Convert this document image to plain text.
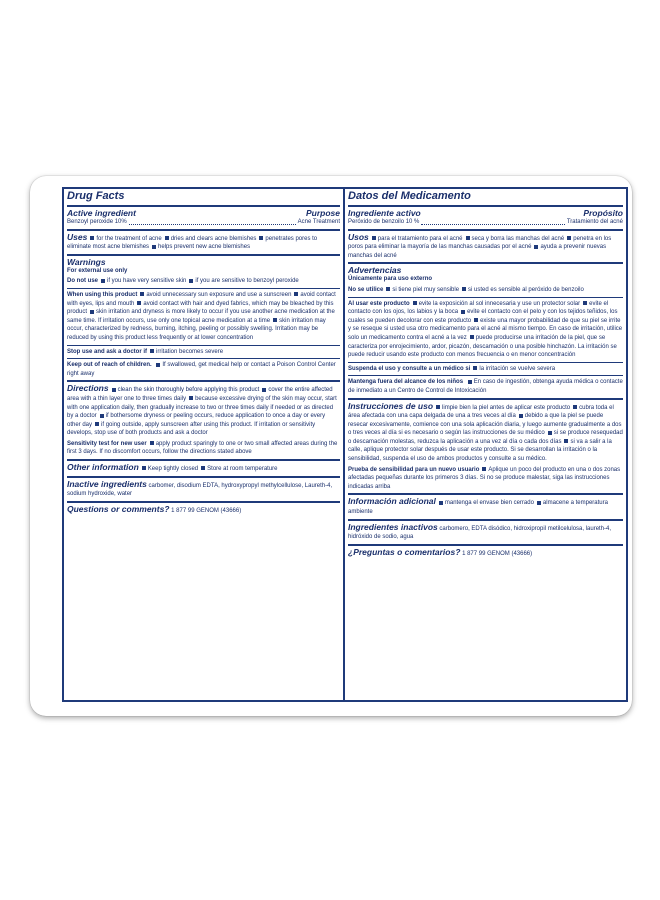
Drug Facts
Active ingredient	Purpose
Benzoyl peroxide 10%	Acne Treatment

Uses for the treatment of acne dries and clears acne blemishes penetrates pores to eliminate most acne blemishes helps prevent new acne blemishes

Warnings
For external use only

Do not use if you have very sensitive skin if you are sensitive to benzoyl peroxide

When using this product avoid unnecessary sun exposure and use a sunscreen avoid contact with eyes, lips and mouth avoid contact with hair and dyed fabrics, which may be bleached by this product skin irritation and dryness is more likely to occur if you use another acne medication at the same time. If irritation occurs, use only one topical acne medication at a time skin irritation may occur, characterized by redness, burning, itching, peeling or possibly swelling. Irritation may be reduced by using this product less frequently or at lower concentration

Stop use and ask a doctor if irritation becomes severe

Keep out of reach of children. If swallowed, get medical help or contact a Poison Control Center right away

Directions clean the skin thoroughly before applying this product cover the entire affected area with a thin layer one to three times daily because excessive drying of the skin may occur, start with one application daily, then gradually increase to two or three times daily if needed or as directed by a doctor if bothersome dryness or peeling occurs, reduce application to once a day or every other day if going outside, apply sunscreen after using this product. If irritation or sensitivity develops, stop use of both products and ask a doctor

Sensitivity test for new user apply product sparingly to one or two small affected areas during the first 3 days. If no discomfort occurs, follow the directions stated above

Other information Keep tightly closed Store at room temperature

Inactive ingredients carbomer, disodium EDTA, hydroxypropyl methylcellulose, Laureth-4, sodium hydroxide, water

Questions or comments? 1 877 99 GENOM (43666)

Datos del Medicamento
Ingrediente activo	Propósito
Peróxido de benzoilo 10 %	Tratamiento del acné

Usos para el tratamiento para el acné seca y borra las manchas del acné penetra en los poros para eliminar la mayoría de las manchas causadas por el acné ayuda a prevenir nuevas manchas del acné

Advertencias
Únicamente para uso externo

No se utilice si tiene piel muy sensible si usted es sensible al peróxido de benzoilo

Al usar este producto evite la exposición al sol innecesaria y use un protector solar evite el contacto con los ojos, los labios y la boca evite el contacto con el pelo y con los tejidos teñidos, los cuales se pueden decolorar con este producto existe una mayor probabilidad de que su piel se irrite y se reseque si usted usa otro medicamento para el acné al mismo tiempo. En caso de irritación, utilice solo un medicamento contra el acné a la vez puede producirse una irritación de la piel, que se caracteriza por enrojecimiento, ardor, picazón, descamación o una posible hinchazón. La irritación se puede reducir usando este producto con menos frecuencia o en menor concentración

Suspenda el uso y consulte a un médico si la irritación se vuelve severa

Mantenga fuera del alcance de los niños En caso de ingestión, obtenga ayuda médica o contacte de inmediato a un Centro de Control de Intoxicación

Instrucciones de uso limpie bien la piel antes de aplicar este producto cubra toda el área afectada con una capa delgada de una a tres veces al día debido a que la piel se puede resecar excesivamente, comience con una sola aplicación diaria, y luego aumente gradualmente a dos o tres veces al día si es necesario o según las instrucciones de su médico si se produce resequedad o descamación molestas, reduzca la aplicación a una vez al día o cada dos días si va a salir a la calle, aplique protector solar después de usar este producto. Si se desarrollan la irritación o la sensibilidad, suspenda el uso de ambos productos y consulte a su médico.

Prueba de sensibilidad para un nuevo usuario Aplique un poco del producto en una o dos zonas afectadas pequeñas durante los primeros 3 días. Si no se produce malestar, siga las instrucciones indicadas arriba

Información adicional mantenga el envase bien cerrado almacene a temperatura ambiente

Ingredientes inactivos carbomero, EDTA disódico, hidroxipropil metilcelulosa, laureth-4, hidróxido de sodio, agua

¿Preguntas o comentarios? 1 877 99 GENOM (43666)
